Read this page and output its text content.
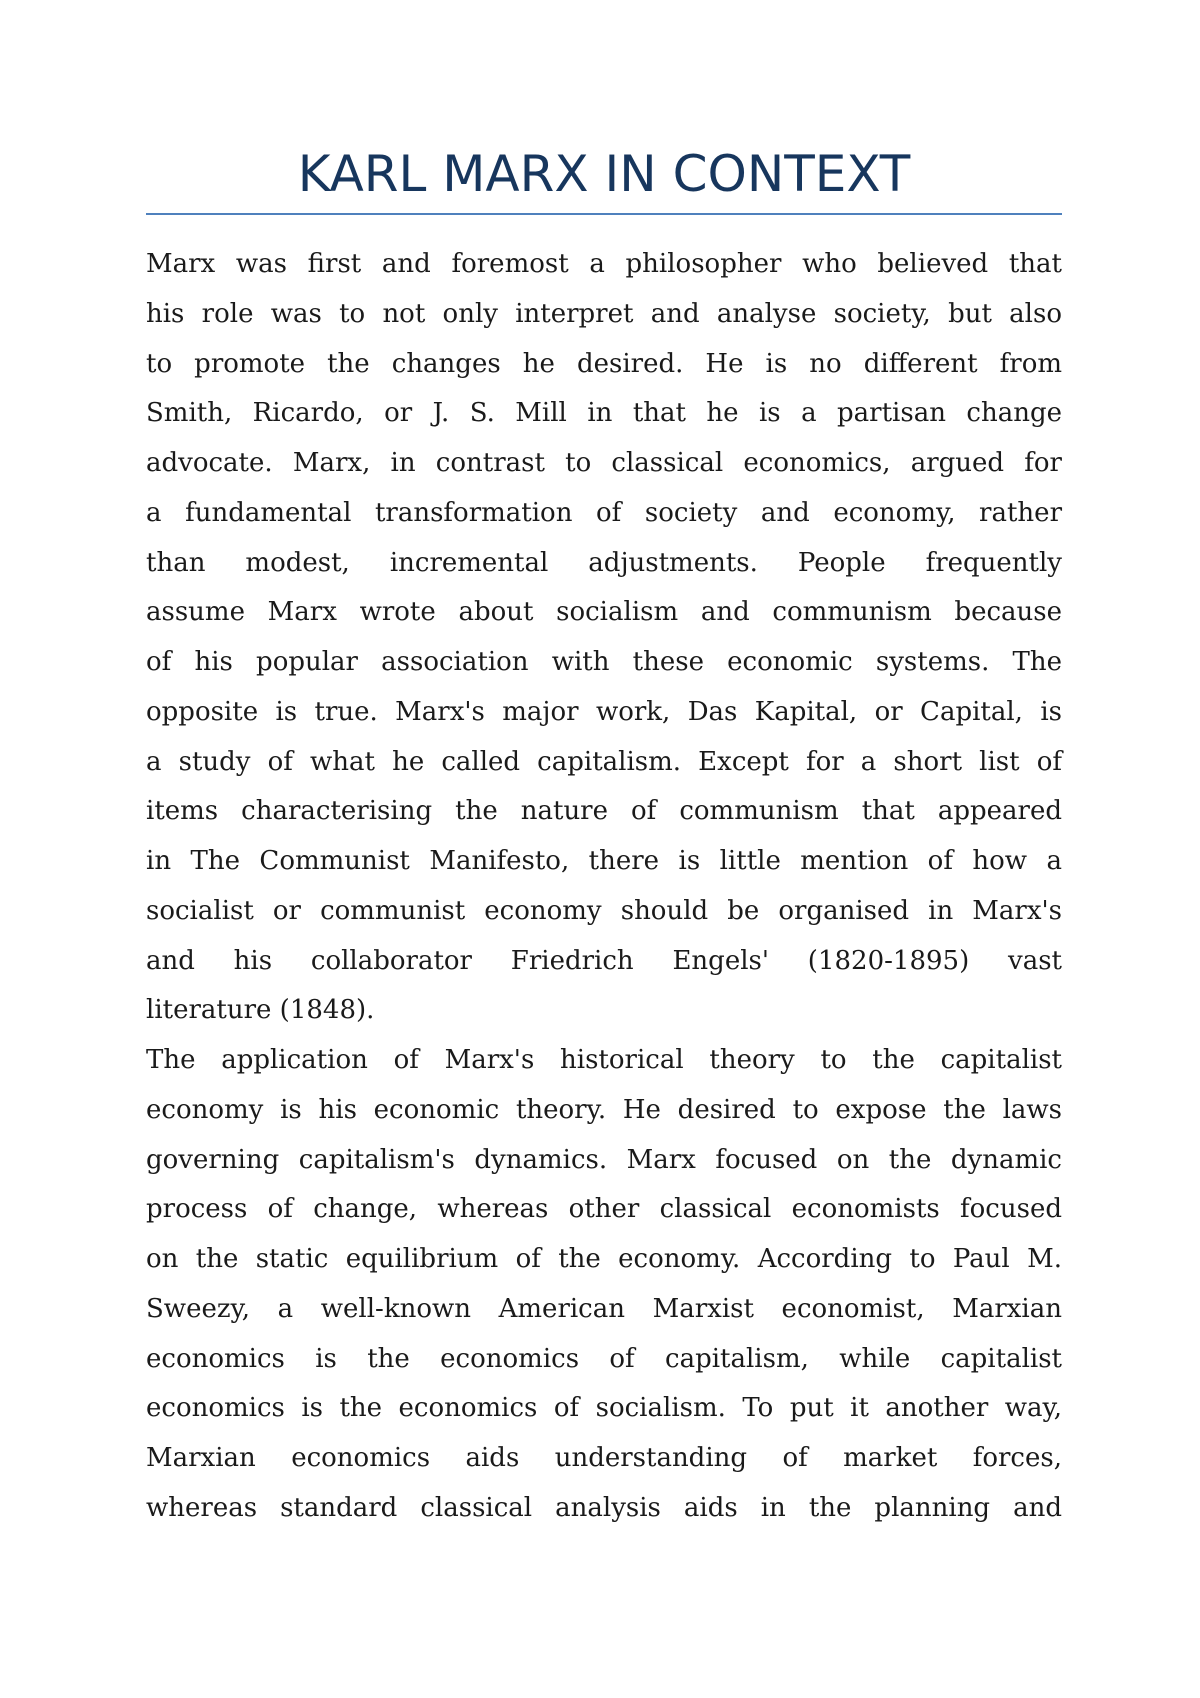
KARL MARX IN CONTEXT
Marx was first and foremost a philosopher who believed that
his role was to not only interpret and analyse society, but also
to promote the changes he desired. He is no different from
Smith, Ricardo, or J. S. Mill in that he is a partisan change
advocate. Marx, in contrast to classical economics, argued for
a fundamental transformation of society and economy, rather
than modest, incremental adjustments. People frequently
assume Marx wrote about socialism and communism because
of his popular association with these economic systems. The
opposite is true. Marx's major work, Das Kapital, or Capital, is
a study of what he called capitalism. Except for a short list of
items characterising the nature of communism that appeared
in The Communist Manifesto, there is little mention of how a
socialist or communist economy should be organised in Marx's
and his collaborator Friedrich Engels' (1820-1895) vast
literature (1848).
The application of Marx's historical theory to the capitalist
economy is his economic theory. He desired to expose the laws
governing capitalism's dynamics. Marx focused on the dynamic
process of change, whereas other classical economists focused
on the static equilibrium of the economy. According to Paul M.
Sweezy, a well-known American Marxist economist, Marxian
economics is the economics of capitalism, while capitalist
economics is the economics of socialism. To put it another way,
Marxian economics aids understanding of market forces,
whereas standard classical analysis aids in the planning and
